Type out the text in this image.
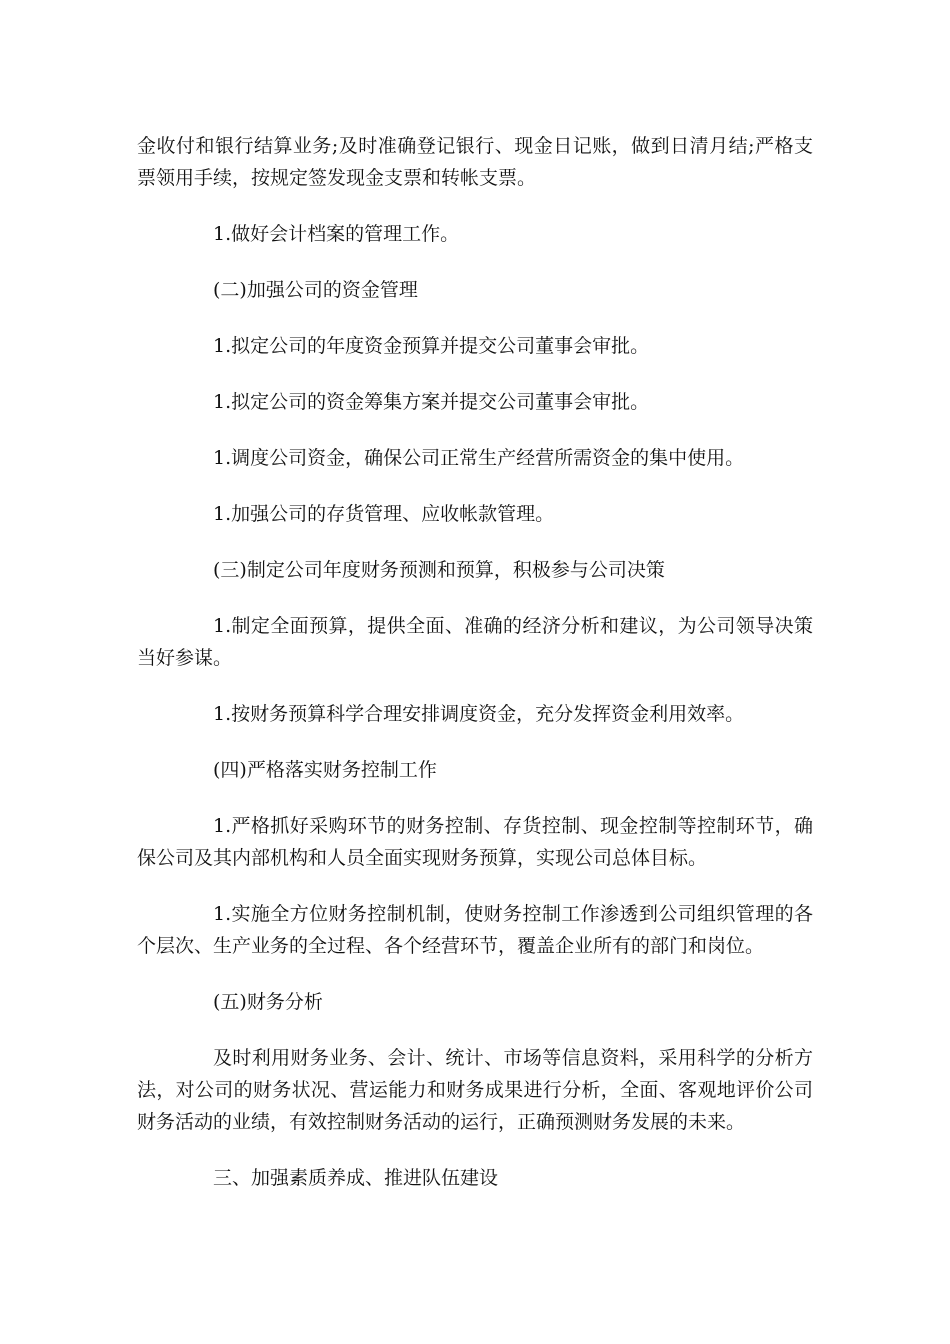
金收付和银行结算业务;及时准确登记银行、现金日记账，做到日清月结;严格支票领用手续，按规定签发现金支票和转帐支票。

1.做好会计档案的管理工作。

(二)加强公司的资金管理

1.拟定公司的年度资金预算并提交公司董事会审批。

1.拟定公司的资金筹集方案并提交公司董事会审批。

1.调度公司资金，确保公司正常生产经营所需资金的集中使用。

1.加强公司的存货管理、应收帐款管理。

(三)制定公司年度财务预测和预算，积极参与公司决策

1.制定全面预算，提供全面、准确的经济分析和建议，为公司领导决策当好参谋。

1.按财务预算科学合理安排调度资金，充分发挥资金利用效率。

(四)严格落实财务控制工作

1.严格抓好采购环节的财务控制、存货控制、现金控制等控制环节，确保公司及其内部机构和人员全面实现财务预算，实现公司总体目标。

1.实施全方位财务控制机制，使财务控制工作渗透到公司组织管理的各个层次、生产业务的全过程、各个经营环节，覆盖企业所有的部门和岗位。

(五)财务分析

及时利用财务业务、会计、统计、市场等信息资料，采用科学的分析方法，对公司的财务状况、营运能力和财务成果进行分析，全面、客观地评价公司财务活动的业绩，有效控制财务活动的运行，正确预测财务发展的未来。

三、加强素质养成、推进队伍建设
